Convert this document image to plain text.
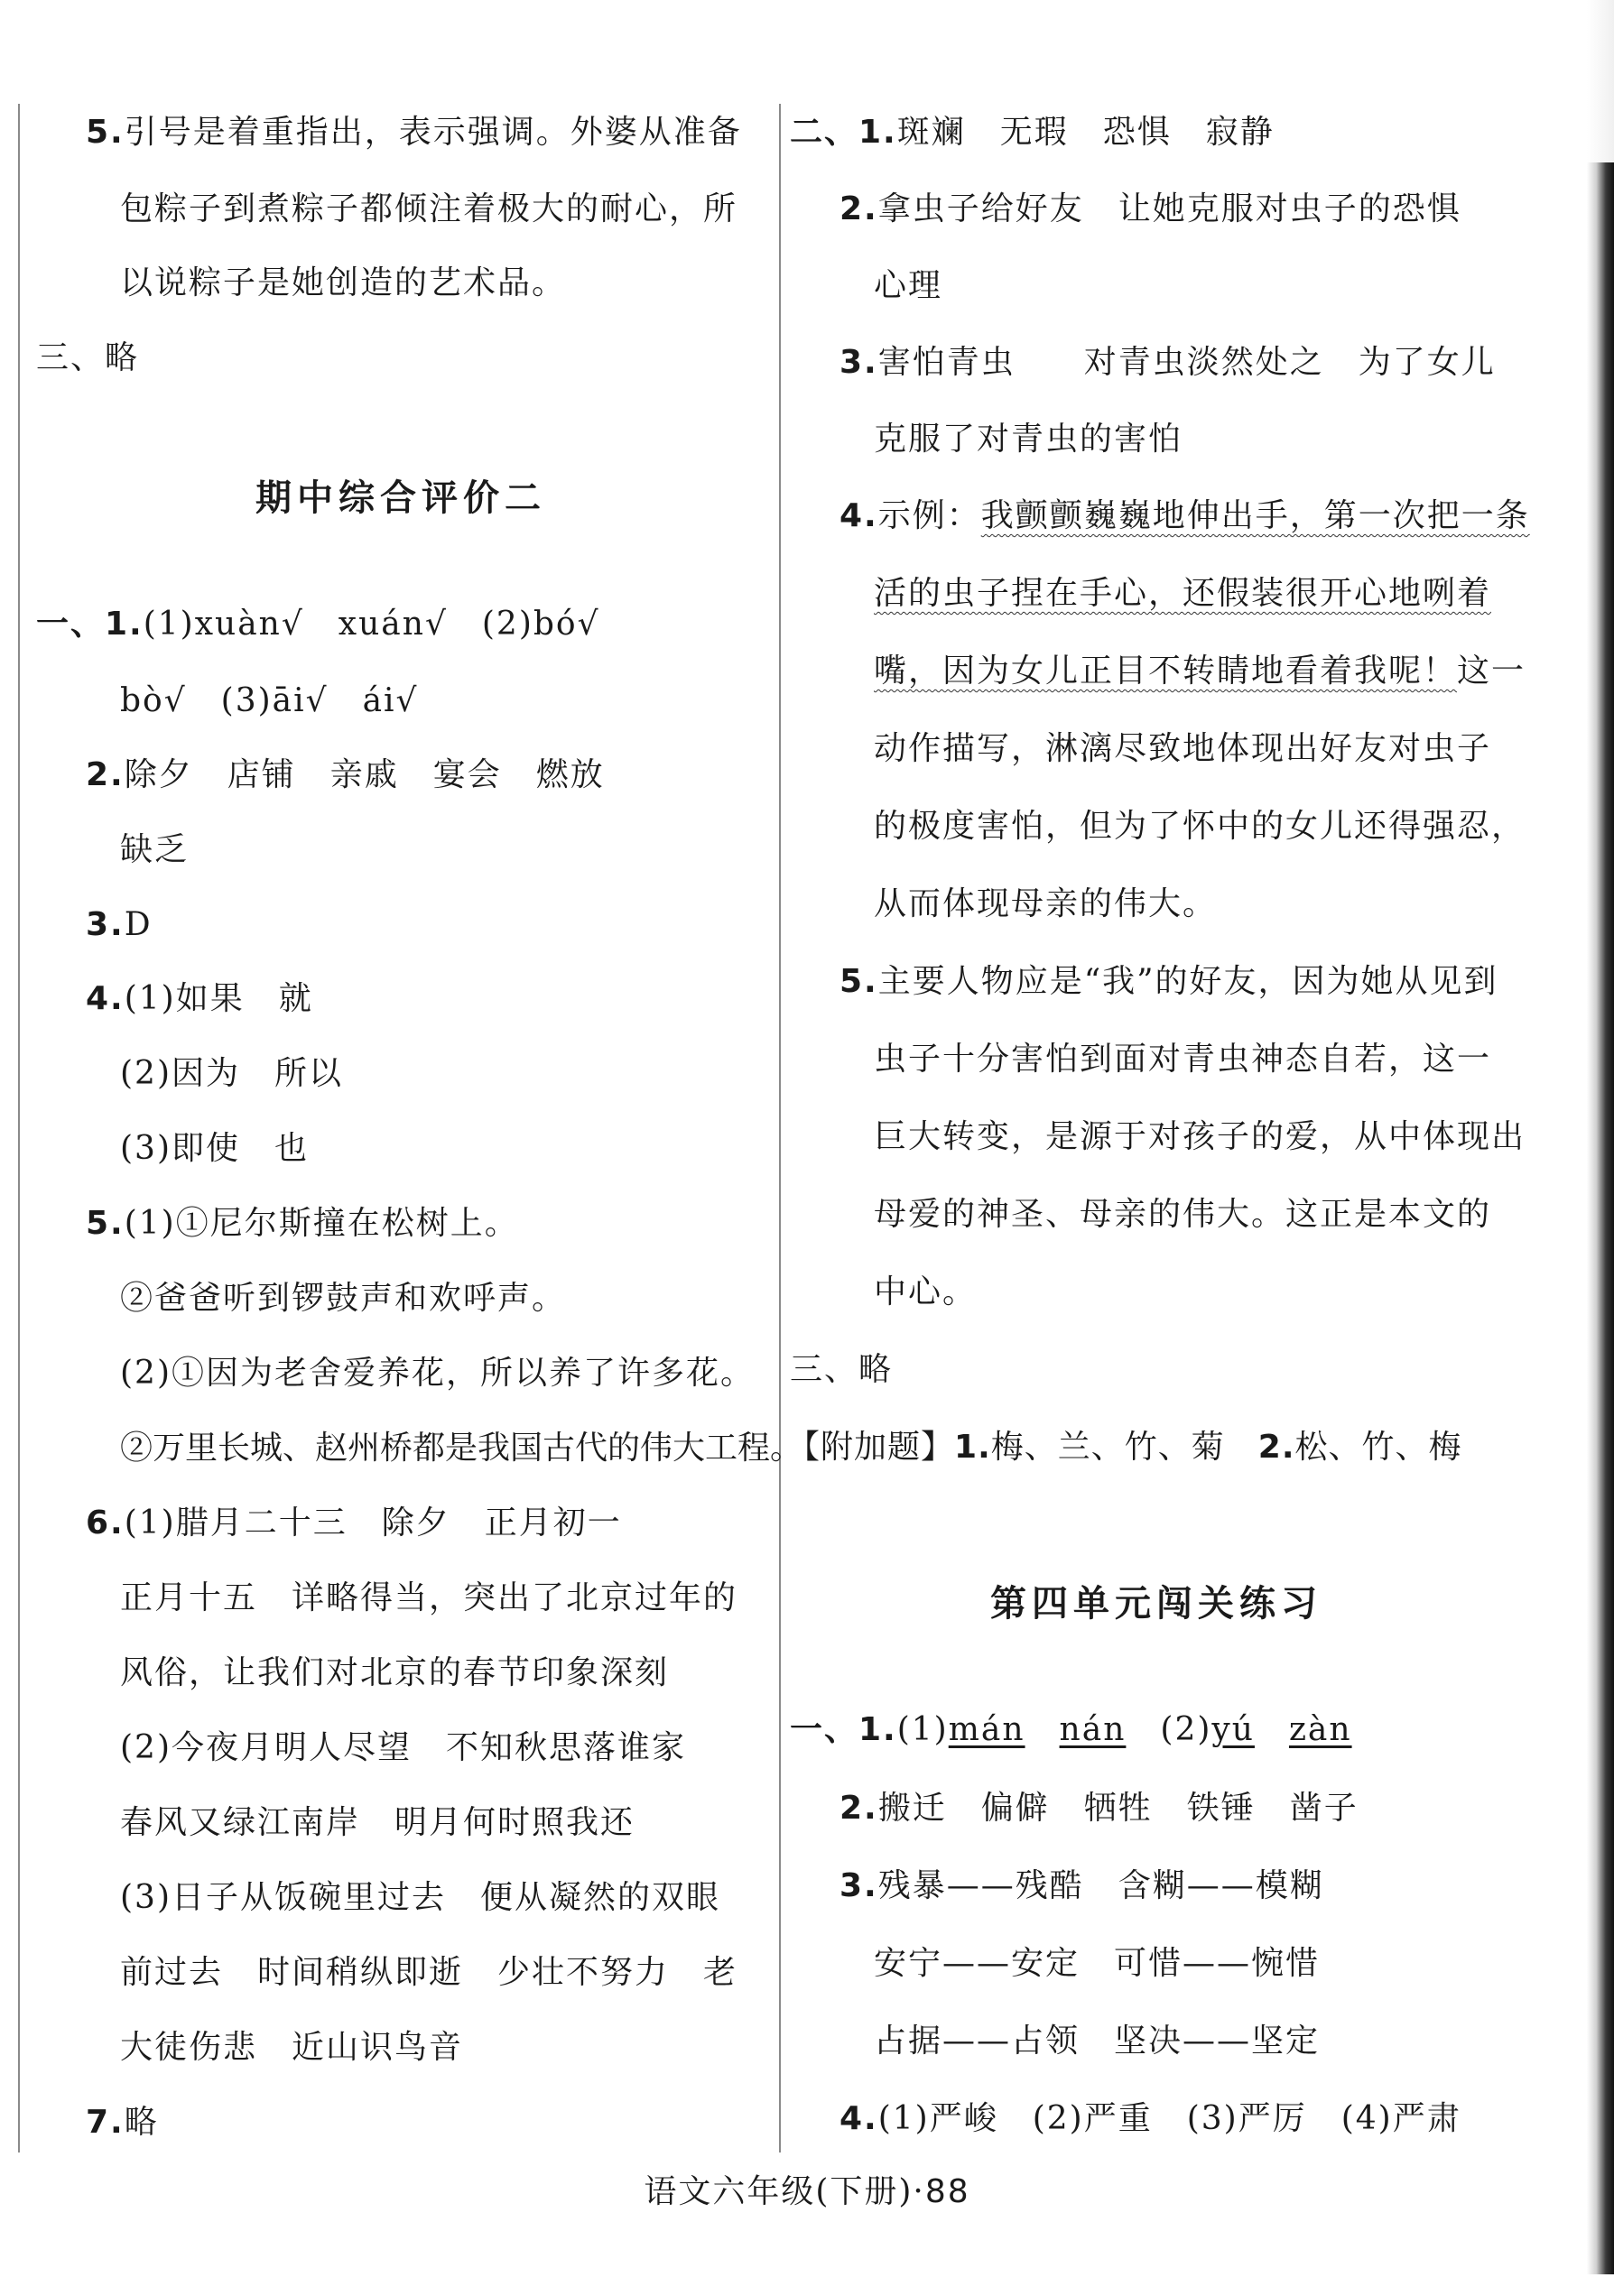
5.引号是着重指出，表示强调。外婆从准备
包粽子到煮粽子都倾注着极大的耐心，所
以说粽子是她创造的艺术品。
三、略
期中综合评价二
一、1.(1)xuàn√　xuán√　(2)bó√
bò√　(3)āi√　ái√
2.除夕　店铺　亲戚　宴会　燃放
缺乏
3.D
4.(1)如果　就
(2)因为　所以
(3)即使　也
5.(1)①尼尔斯撞在松树上。
②爸爸听到锣鼓声和欢呼声。
(2)①因为老舍爱养花，所以养了许多花。
②万里长城、赵州桥都是我国古代的伟大工程。
6.(1)腊月二十三　除夕　正月初一
正月十五　详略得当，突出了北京过年的
风俗，让我们对北京的春节印象深刻
(2)今夜月明人尽望　不知秋思落谁家
春风又绿江南岸　明月何时照我还
(3)日子从饭碗里过去　便从凝然的双眼
前过去　时间稍纵即逝　少壮不努力　老
大徒伤悲　近山识鸟音
7.略
二、1.斑斓　无瑕　恐惧　寂静
2.拿虫子给好友　让她克服对虫子的恐惧
心理
3.害怕青虫　　对青虫淡然处之　为了女儿
克服了对青虫的害怕
4.示例：我颤颤巍巍地伸出手，第一次把一条
活的虫子捏在手心，还假装很开心地咧着
嘴，因为女儿正目不转睛地看着我呢！这一
动作描写，淋漓尽致地体现出好友对虫子
的极度害怕，但为了怀中的女儿还得强忍，
从而体现母亲的伟大。
5.主要人物应是“我”的好友，因为她从见到
虫子十分害怕到面对青虫神态自若，这一
巨大转变，是源于对孩子的爱，从中体现出
母爱的神圣、母亲的伟大。这正是本文的
中心。
三、略
【附加题】1.梅、兰、竹、菊　 2.松、竹、梅
第四单元闯关练习
一、1.(1)mán　 nán　 (2)yú　 zàn
2.搬迁　偏僻　牺牲　铁锤　凿子
3.残暴——残酷　含糊——模糊
安宁——安定　可惜——惋惜
占据——占领　坚决——坚定
4.(1)严峻　(2)严重　(3)严厉　(4)严肃
语文六年级(下册)·88
